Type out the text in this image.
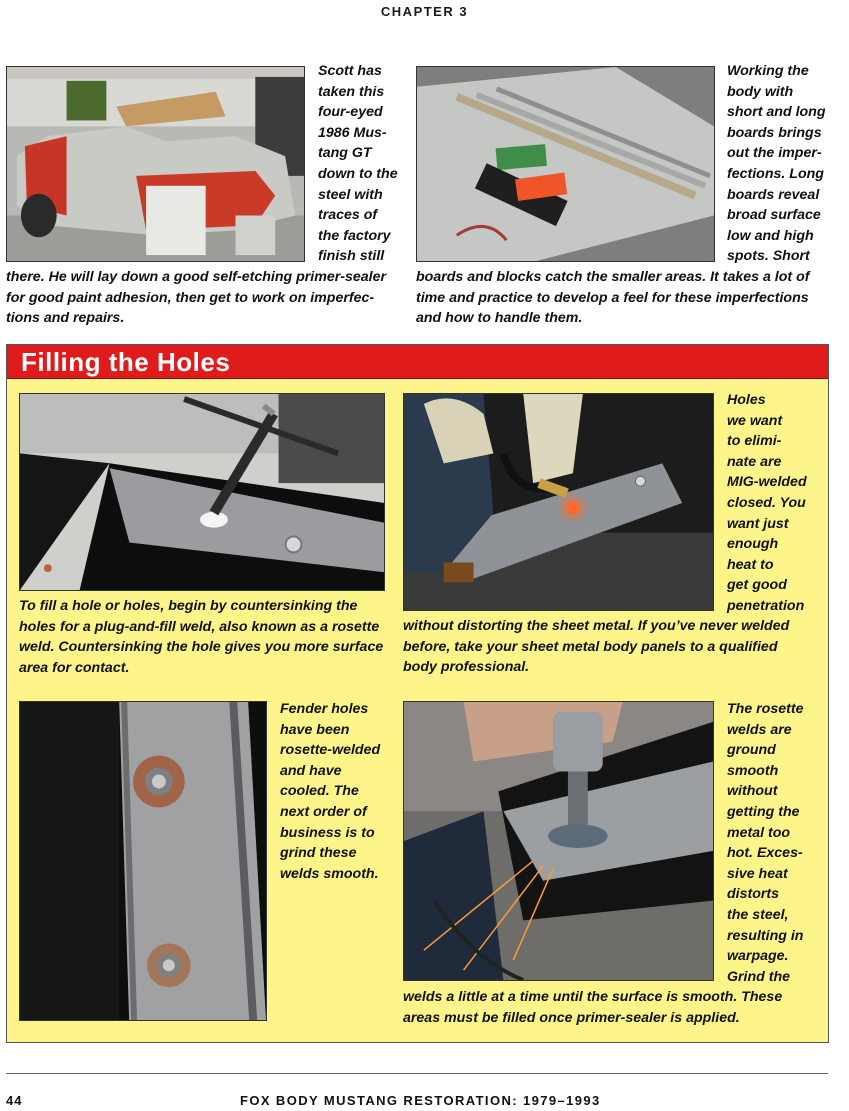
CHAPTER 3
Scott has
taken this
four-eyed
1986 Mus-
tang GT
down to the
steel with
traces of
the factory
finish still
there. He will lay down a good self-etching primer-sealer
for good paint adhesion, then get to work on imperfec-
tions and repairs.
Working the
body with
short and long
boards brings
out the imper-
fections. Long
boards reveal
broad surface
low and high
spots. Short
boards and blocks catch the smaller areas. It takes a lot of
time and practice to develop a feel for these imperfections
and how to handle them.
Filling the Holes
To fill a hole or holes, begin by countersinking the
holes for a plug-and-fill weld, also known as a rosette
weld. Countersinking the hole gives you more surface
area for contact.
Holes
we want
to elimi-
nate are
MIG-welded
closed. You
want just
enough
heat to
get good
penetration
without distorting the sheet metal. If you’ve never welded
before, take your sheet metal body panels to a qualified
body professional.
Fender holes
have been
rosette-welded
and have
cooled. The
next order of
business is to
grind these
welds smooth.
The rosette
welds are
ground
smooth
without
getting the
metal too
hot. Exces-
sive heat
distorts
the steel,
resulting in
warpage.
Grind the
welds a little at a time until the surface is smooth. These
areas must be filled once primer-sealer is applied.
44	FOX BODY MUSTANG RESTORATION: 1979–1993
